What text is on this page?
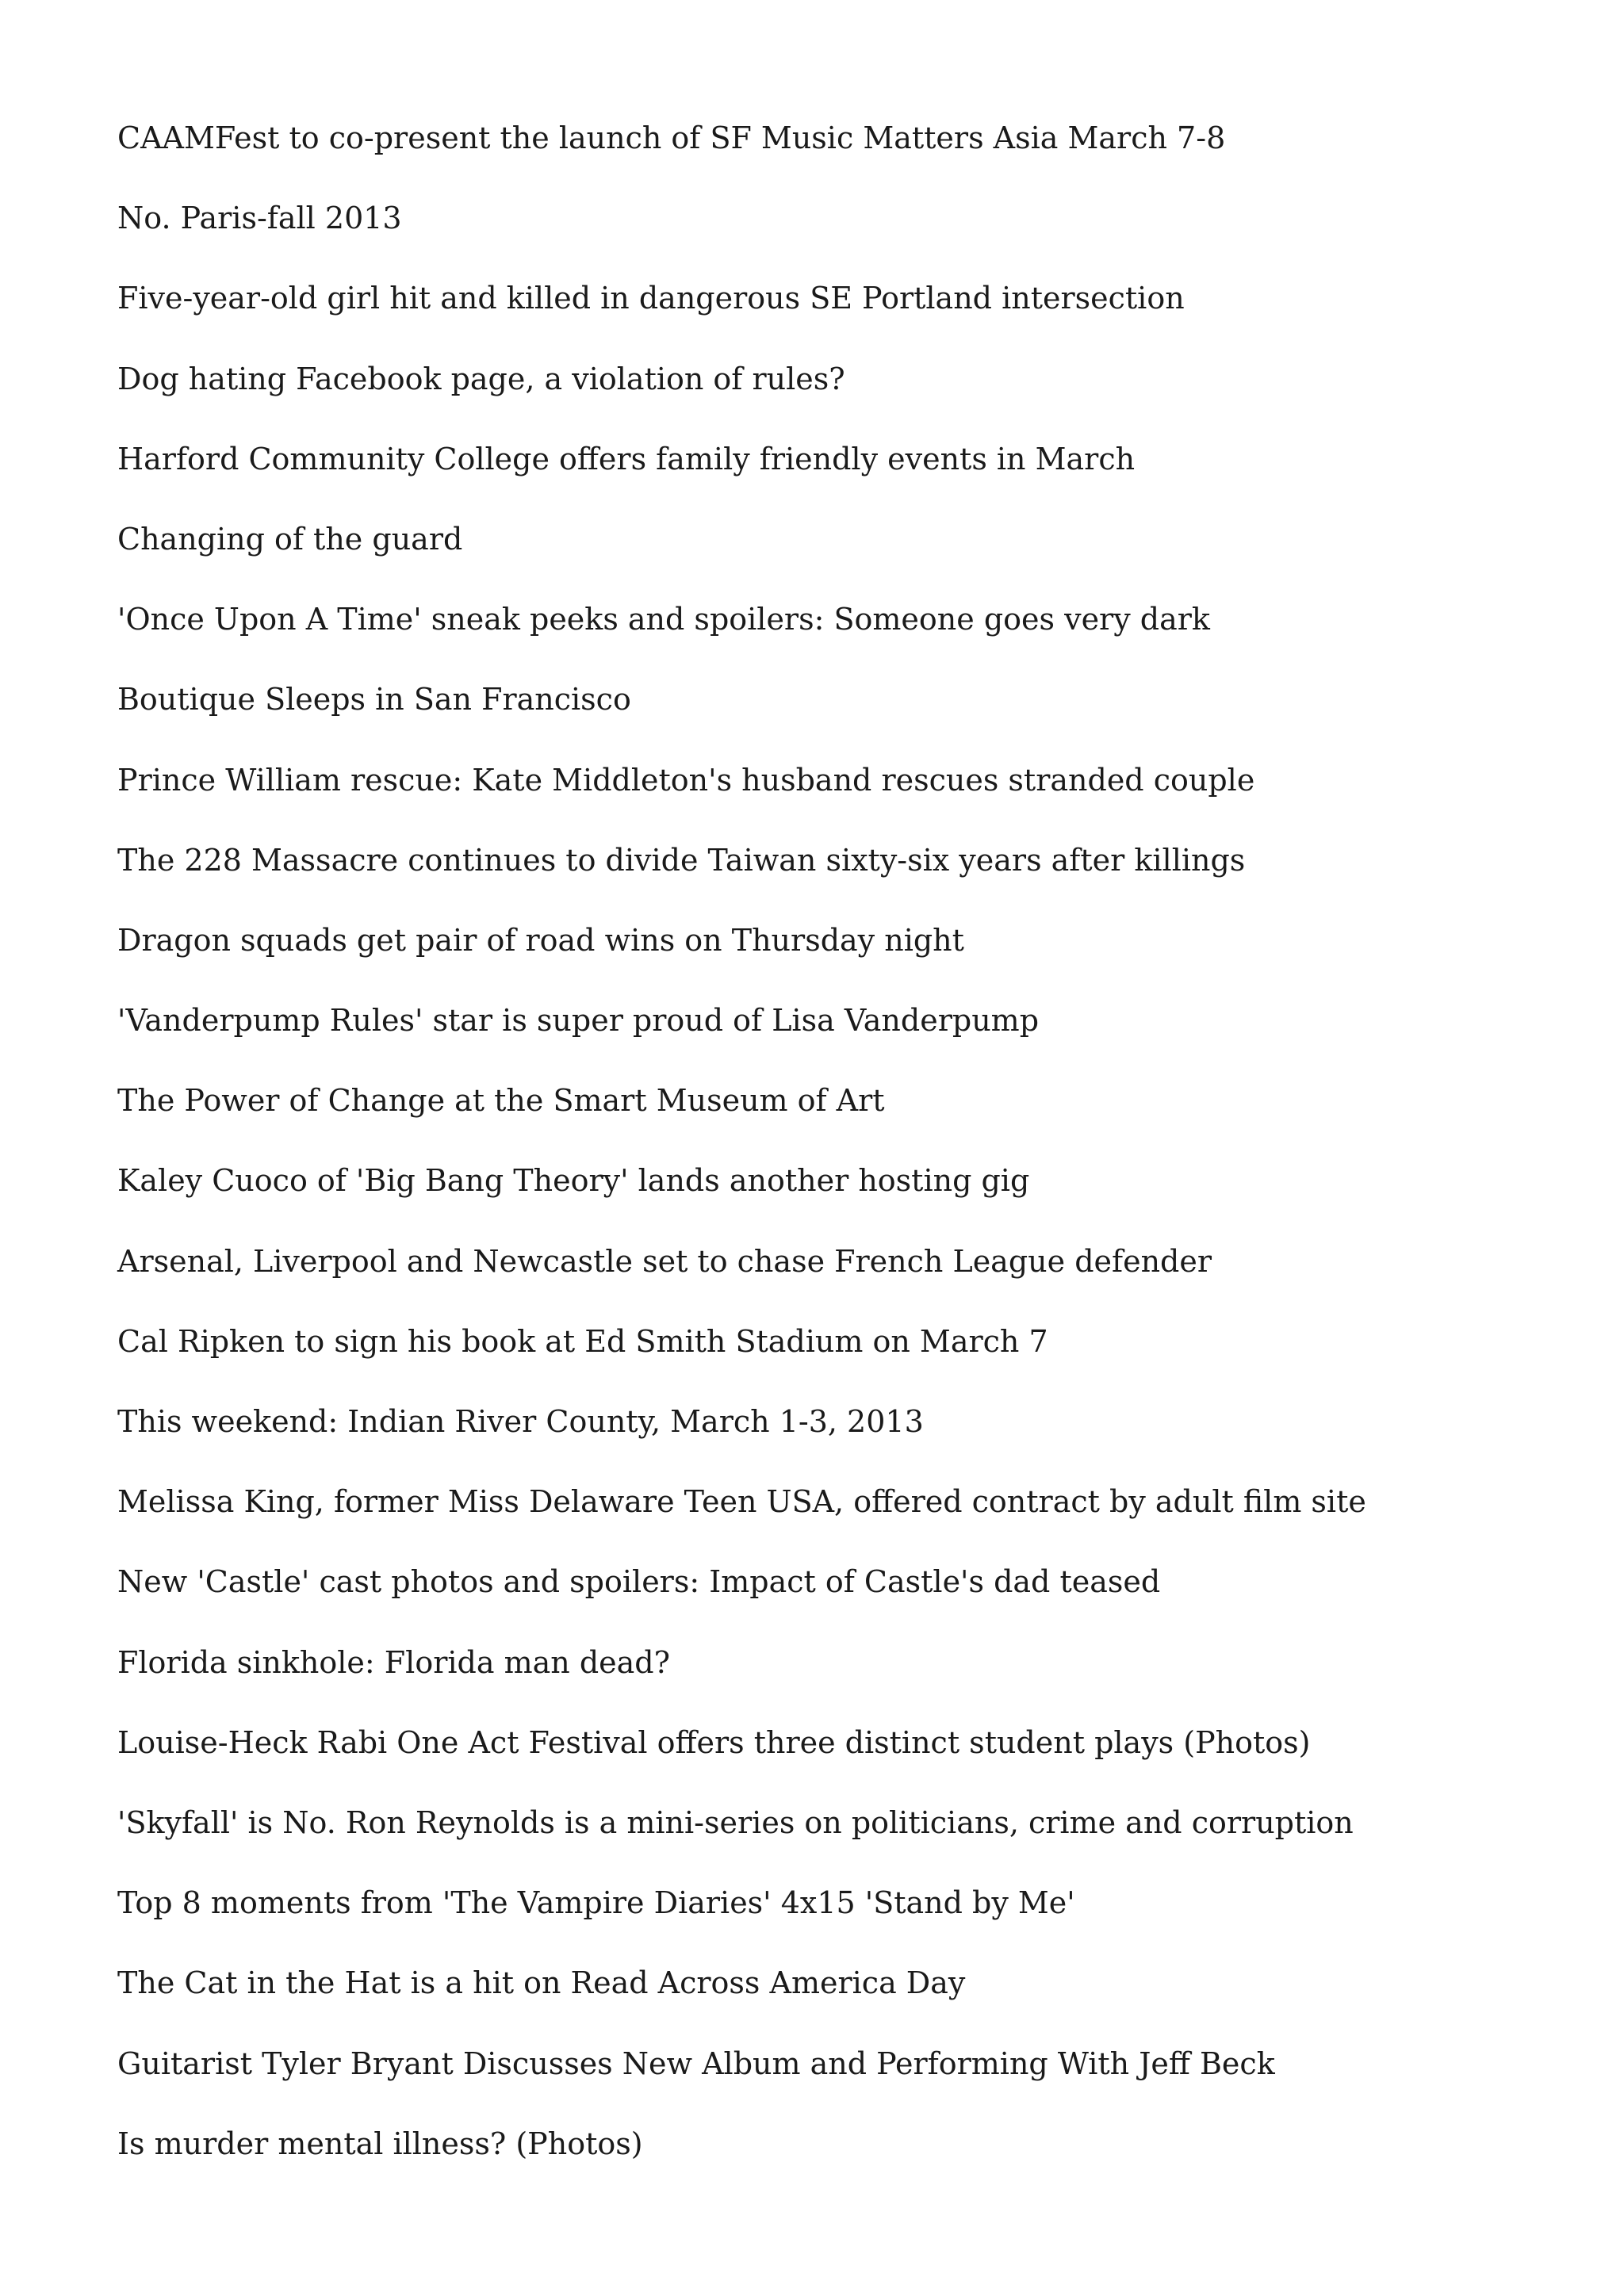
CAAMFest to co-present the launch of SF Music Matters Asia March 7-8
No. Paris-fall 2013
Five-year-old girl hit and killed in dangerous SE Portland intersection
Dog hating Facebook page, a violation of rules?
Harford Community College offers family friendly events in March
Changing of the guard
'Once Upon A Time' sneak peeks and spoilers: Someone goes very dark
Boutique Sleeps in San Francisco
Prince William rescue: Kate Middleton's husband rescues stranded couple
The 228 Massacre continues to divide Taiwan sixty-six years after killings
Dragon squads get pair of road wins on Thursday night
'Vanderpump Rules' star is super proud of Lisa Vanderpump
The Power of Change at the Smart Museum of Art
Kaley Cuoco of 'Big Bang Theory' lands another hosting gig
Arsenal, Liverpool and Newcastle set to chase French League defender
Cal Ripken to sign his book at Ed Smith Stadium on March 7
This weekend: Indian River County, March 1-3, 2013
Melissa King, former Miss Delaware Teen USA, offered contract by adult film site
New 'Castle' cast photos and spoilers: Impact of Castle's dad teased
Florida sinkhole: Florida man dead?
Louise-Heck Rabi One Act Festival offers three distinct student plays (Photos)
'Skyfall' is No. Ron Reynolds is a mini-series on politicians, crime and corruption
Top 8 moments from 'The Vampire Diaries' 4x15 'Stand by Me'
The Cat in the Hat is a hit on Read Across America Day
Guitarist Tyler Bryant Discusses New Album and Performing With Jeff Beck
Is murder mental illness? (Photos)
